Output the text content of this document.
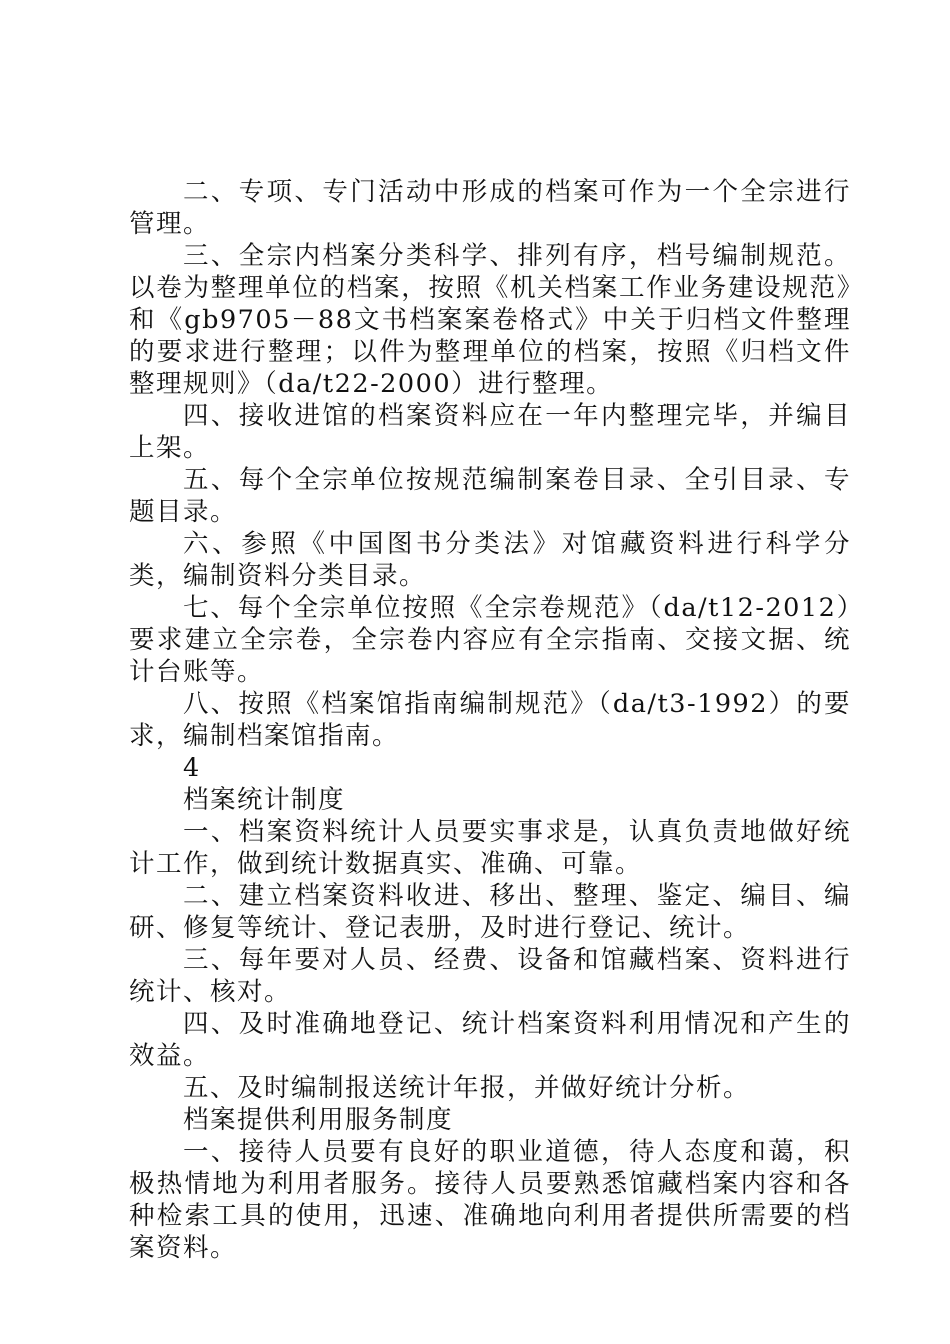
二、专项、专门活动中形成的档案可作为一个全宗进行管理。

三、全宗内档案分类科学、排列有序，档号编制规范。以卷为整理单位的档案，按照《机关档案工作业务建设规范》和《gb9705－88文书档案案卷格式》中关于归档文件整理的要求进行整理；以件为整理单位的档案，按照《归档文件整理规则》（da/t22-2000）进行整理。

四、接收进馆的档案资料应在一年内整理完毕，并编目上架。

五、每个全宗单位按规范编制案卷目录、全引目录、专题目录。

六、参照《中国图书分类法》对馆藏资料进行科学分类，编制资料分类目录。

七、每个全宗单位按照《全宗卷规范》（da/t12-2012）要求建立全宗卷，全宗卷内容应有全宗指南、交接文据、统计台账等。

八、按照《档案馆指南编制规范》（da/t3-1992）的要求，编制档案馆指南。

4

档案统计制度

一、档案资料统计人员要实事求是，认真负责地做好统计工作，做到统计数据真实、准确、可靠。

二、建立档案资料收进、移出、整理、鉴定、编目、编研、修复等统计、登记表册，及时进行登记、统计。

三、每年要对人员、经费、设备和馆藏档案、资料进行统计、核对。

四、及时准确地登记、统计档案资料利用情况和产生的效益。

五、及时编制报送统计年报，并做好统计分析。

档案提供利用服务制度

一、接待人员要有良好的职业道德，待人态度和蔼，积极热情地为利用者服务。接待人员要熟悉馆藏档案内容和各种检索工具的使用，迅速、准确地向利用者提供所需要的档案资料。
